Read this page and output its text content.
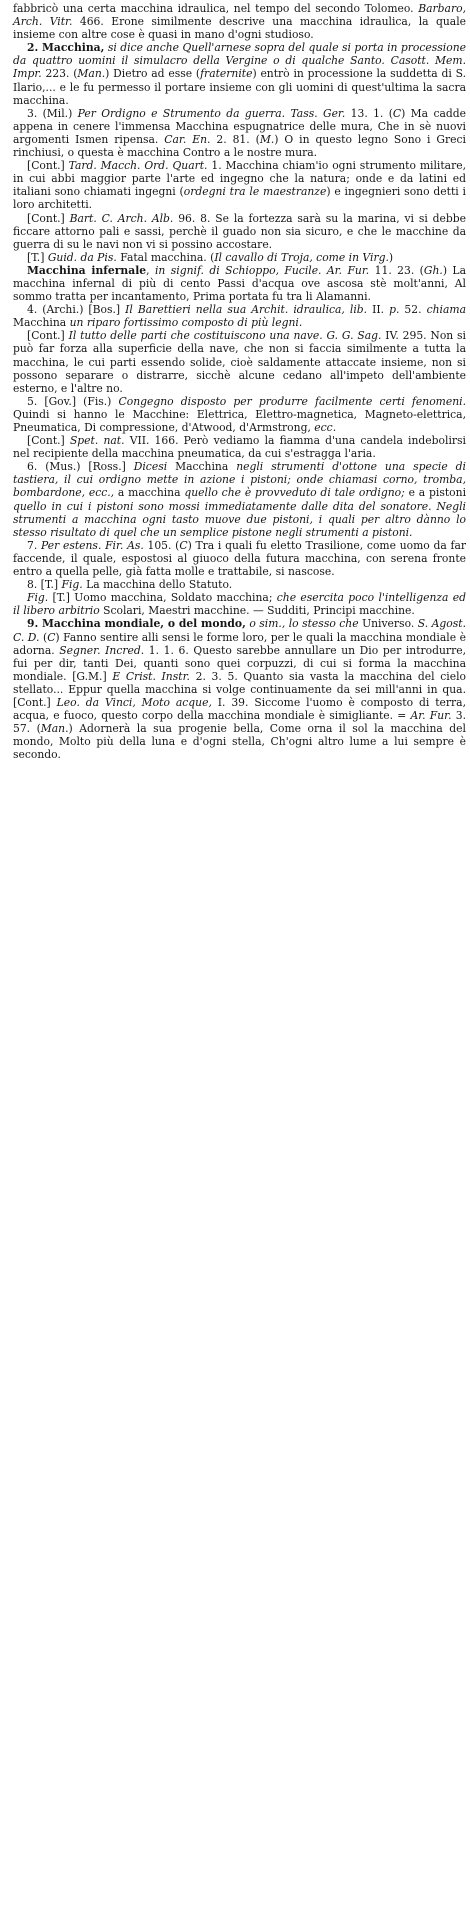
fabbricò una certa macchina idraulica, nel tempo del secondo Tolomeo. Barbaro, Arch. Vitr. 466. Erone similmente descrive una macchina idraulica, la quale insieme con altre cose è quasi in mano d'ogni studioso.

2. Macchina, si dice anche Quell'arnese sopra del quale si porta in processione da quattro uomini il simulacro della Vergine o di qualche Santo. Casott. Mem. Impr. 223. (Man.) Dietro ad esse (fraternite) entrò in processione la suddetta di S. Ilario,... e le fu permesso il portare insieme con gli uomini di quest'ultima la sacra macchina.

3. (Mil.) Per Ordigno e Strumento da guerra. Tass. Ger. 13. 1. (C) Ma cadde appena in cenere l'immensa Macchina espugnatrice delle mura, Che in sè nuovi argomenti Ismen ripensa. Car. En. 2. 81. (M.) O in questo legno Sono i Greci rinchiusi, o questa è macchina Contro a le nostre mura.

[Cont.] Tard. Macch. Ord. Quart. 1. Macchina chiam'io ogni strumento militare, in cui abbi maggior parte l'arte ed ingegno che la natura; onde e da latini ed italiani sono chiamati ingegni (ordegni tra le maestranze) e ingegnieri sono detti i loro architetti.

[Cont.] Bart. C. Arch. Alb. 96. 8. Se la fortezza sarà su la marina, vi si debbe ficcare attorno pali e sassi, perchè il guado non sia sicuro, e che le macchine da guerra di su le navi non vi si possino accostare.

[T.] Guid. da Pis. Fatal macchina. (Il cavallo di Troja, come in Virg.)

Macchina infernale, in signif. di Schioppo, Fucile. Ar. Fur. 11. 23. (Gh.) La macchina infernal di più di cento Passi d'acqua ove ascosa stè molt'anni, Al sommo tratta per incantamento, Prima portata fu tra li Alamanni.

4. (Archi.) [Bos.] Il Barettieri nella sua Archit. idraulica, lib. II. p. 52. chiama Macchina un riparo fortissimo composto di più legni.

[Cont.] Il tutto delle parti che costituiscono una nave. G. G. Sag. IV. 295. Non si può far forza alla superficie della nave, che non si faccia similmente a tutta la macchina, le cui parti essendo solide, cioè saldamente attaccate insieme, non si possono separare o distrarre, sicchè alcune cedano all'impeto dell'ambiente esterno, e l'altre no.

5. [Gov.] (Fis.) Congegno disposto per produrre facilmente certi fenomeni. Quindi si hanno le Macchine: Elettrica, Elettro-magnetica, Magneto-elettrica, Pneumatica, Di compressione, d'Atwood, d'Armstrong, ecc.

[Cont.] Spet. nat. VII. 166. Però vediamo la fiamma d'una candela indebolirsi nel recipiente della macchina pneumatica, da cui s'estragga l'aria.

6. (Mus.) [Ross.] Dicesi Macchina negli strumenti d'ottone una specie di tastiera, il cui ordigno mette in azione i pistoni; onde chiamasi corno, tromba, bombardone, ecc., a macchina quello che è provveduto di tale ordigno; e a pistoni quello in cui i pistoni sono mossi immediatamente dalle dita del sonatore. Negli strumenti a macchina ogni tasto muove due pistoni, i quali per altro dànno lo stesso risultato di quel che un semplice pistone negli strumenti a pistoni.

7. Per estens. Fir. As. 105. (C) Tra i quali fu eletto Trasilione, come uomo da far faccende, il quale, espostosi al giuoco della futura macchina, con serena fronte entro a quella pelle, già fatta molle e trattabile, si nascose.

8. [T.] Fig. La macchina dello Statuto.

Fig. [T.] Uomo macchina, Soldato macchina; che esercita poco l'intelligenza ed il libero arbitrio Scolari, Maestri macchine. — Sudditi, Principi macchine.

9. Macchina mondiale, o del mondo, o sim., lo stesso che Universo. S. Agost. C. D. (C) Fanno sentire alli sensi le forme loro, per le quali la macchina mondiale è adorna. Segner. Incred. 1. 1. 6. Questo sarebbe annullare un Dio per introdurre, fui per dir, tanti Dei, quanti sono quei corpuzzi, di cui si forma la macchina mondiale. [G.M.] E Crist. Instr. 2. 3. 5. Quanto sia vasta la macchina del cielo stellato... Eppur quella macchina si volge continuamente da sei mill'anni in qua. [Cont.] Leo. da Vinci, Moto acque, I. 39. Siccome l'uomo è composto di terra, acqua, e fuoco, questo corpo della macchina mondiale è simigliante. = Ar. Fur. 3. 57. (Man.) Adornerà la sua progenie bella, Come orna il sol la macchina del mondo, Molto più della luna e d'ogni stella, Ch'ogni altro lume a lui sempre è secondo.
